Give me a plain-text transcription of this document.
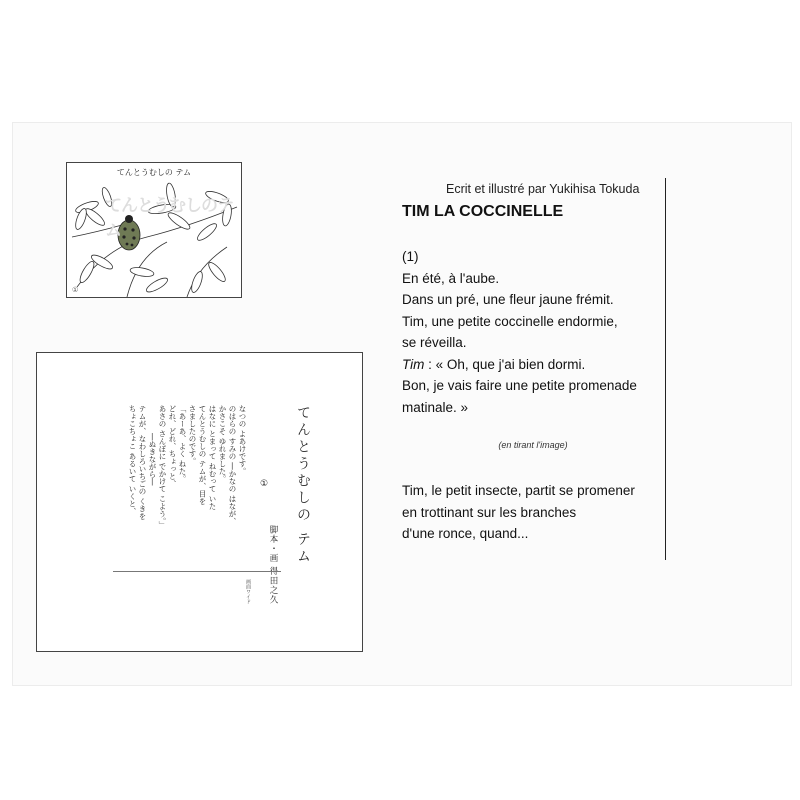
てんとうむしの テム
てんとうむしのテム
①
てんとうむしの テム
①
脚本・画 得田之久
なつの よあけです。
のはらの すみの ―かなの はなが、
かさこそ ゆれました。
はなに とまって ねむって いた
てんとうむしの テムが、目を
さましたのです。
「あーあ、よく ねた。
どれ、どれ、ちょっと、
あさの さんぽに でかけて こよう。」
―ぬきながら―
テムが、なわしろいちごの くきを
ちょこちょこ あるいて いくと、
画面ワイド
Ecrit et illustré par Yukihisa Tokuda
TIM LA COCCINELLE
(1)
En été, à l'aube.
Dans un pré, une fleur jaune frémit.
Tim, une petite coccinelle endormie,
se réveilla.
Tim : « Oh, que j'ai bien dormi.
Bon, je vais faire une petite promenade
matinale. »
(en tirant l'image)
Tim, le petit insecte, partit se promener
en trottinant sur les branches
d'une ronce, quand...
